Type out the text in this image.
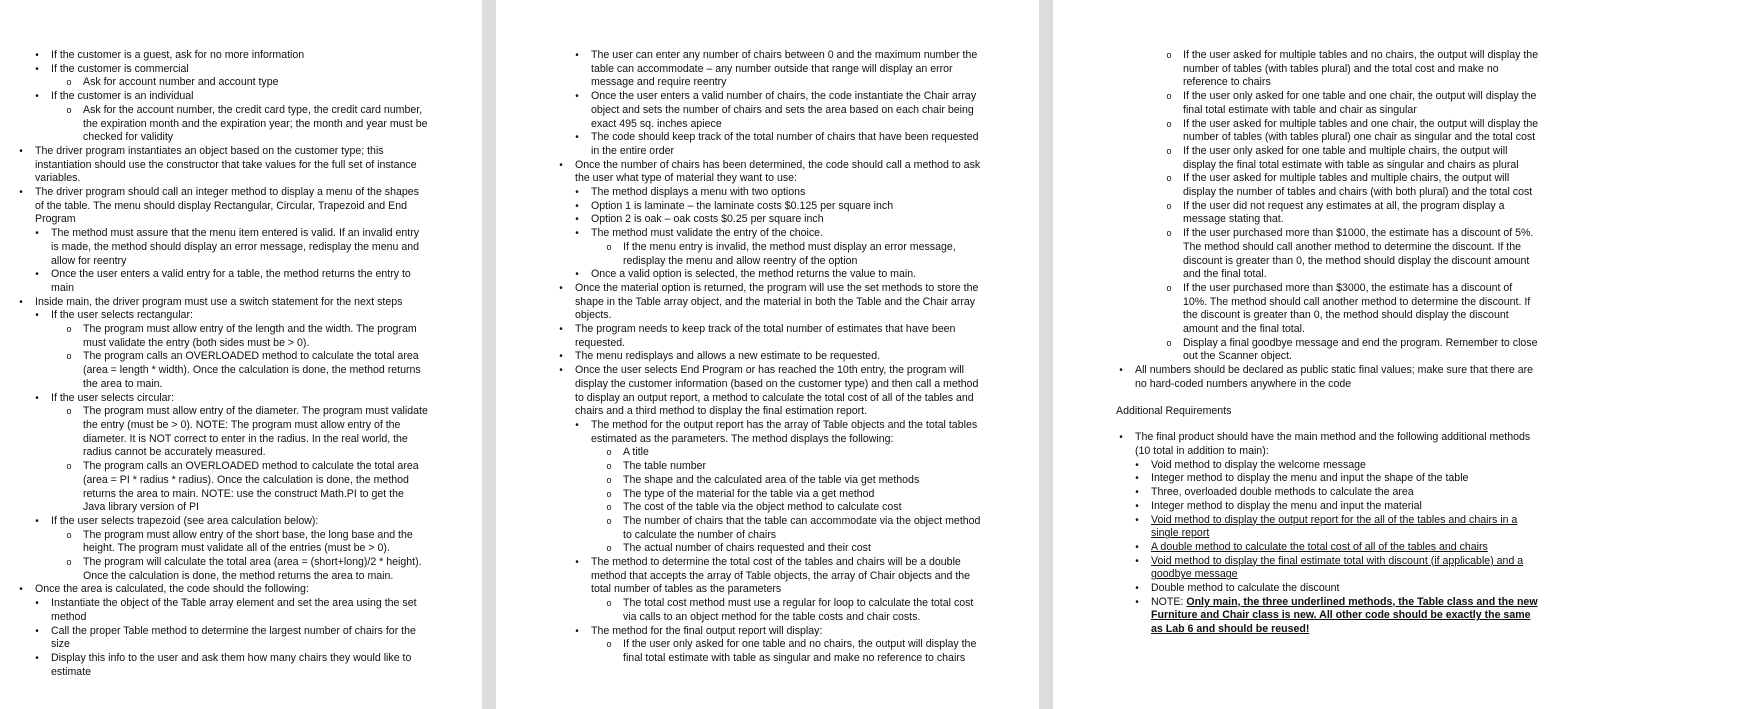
• If the customer is a guest, ask for no more information
• If the customer is commercial
o Ask for account number and account type
• If the customer is an individual
o Ask for the account number, the credit card type, the credit card number, the expiration month and the expiration year; the month and year must be checked for validity
• The driver program instantiates an object based on the customer type; this instantiation should use the constructor that take values for the full set of instance variables.
• The driver program should call an integer method to display a menu of the shapes of the table. The menu should display Rectangular, Circular, Trapezoid and End Program
• The method must assure that the menu item entered is valid. If an invalid entry is made, the method should display an error message, redisplay the menu and allow for reentry
• Once the user enters a valid entry for a table, the method returns the entry to main
• Inside main, the driver program must use a switch statement for the next steps
• If the user selects rectangular:
o The program must allow entry of the length and the width. The program must validate the entry (both sides must be > 0).
o The program calls an OVERLOADED method to calculate the total area (area = length * width). Once the calculation is done, the method returns the area to main.
• If the user selects circular:
o The program must allow entry of the diameter. The program must validate the entry (must be > 0). NOTE: The program must allow entry of the diameter. It is NOT correct to enter in the radius. In the real world, the radius cannot be accurately measured.
o The program calls an OVERLOADED method to calculate the total area (area = PI * radius * radius). Once the calculation is done, the method returns the area to main. NOTE: use the construct Math.PI to get the Java library version of PI
• If the user selects trapezoid (see area calculation below):
o The program must allow entry of the short base, the long base and the height. The program must validate all of the entries (must be > 0).
o The program will calculate the total area (area = (short+long)/2 * height). Once the calculation is done, the method returns the area to main.
• Once the area is calculated, the code should the following:
• Instantiate the object of the Table array element and set the area using the set method
• Call the proper Table method to determine the largest number of chairs for the size
• Display this info to the user and ask them how many chairs they would like to estimate
• The user can enter any number of chairs between 0 and the maximum number the table can accommodate – any number outside that range will display an error message and require reentry
• Once the user enters a valid number of chairs, the code instantiate the Chair array object and sets the number of chairs and sets the area based on each chair being exact 495 sq. inches apiece
• The code should keep track of the total number of chairs that have been requested in the entire order
• Once the number of chairs has been determined, the code should call a method to ask the user what type of material they want to use:
• The method displays a menu with two options
• Option 1 is laminate – the laminate costs $0.125 per square inch
• Option 2 is oak – oak costs $0.25 per square inch
• The method must validate the entry of the choice.
o If the menu entry is invalid, the method must display an error message, redisplay the menu and allow reentry of the option
• Once a valid option is selected, the method returns the value to main.
• Once the material option is returned, the program will use the set methods to store the shape in the Table array object, and the material in both the Table and the Chair array objects.
• The program needs to keep track of the total number of estimates that have been requested.
• The menu redisplays and allows a new estimate to be requested.
• Once the user selects End Program or has reached the 10th entry, the program will display the customer information (based on the customer type) and then call a method to display an output report, a method to calculate the total cost of all of the tables and chairs and a third method to display the final estimation report.
• The method for the output report has the array of Table objects and the total tables estimated as the parameters. The method displays the following:
o A title
o The table number
o The shape and the calculated area of the table via get methods
o The type of the material for the table via a get method
o The cost of the table via the object method to calculate cost
o The number of chairs that the table can accommodate via the object method to calculate the number of chairs
o The actual number of chairs requested and their cost
• The method to determine the total cost of the tables and chairs will be a double method that accepts the array of Table objects, the array of Chair objects and the total number of tables as the parameters
o The total cost method must use a regular for loop to calculate the total cost via calls to an object method for the table costs and chair costs.
• The method for the final output report will display:
o If the user only asked for one table and no chairs, the output will display the final total estimate with table as singular and make no reference to chairs
o If the user asked for multiple tables and no chairs, the output will display the number of tables (with tables plural) and the total cost and make no reference to chairs
o If the user only asked for one table and one chair, the output will display the final total estimate with table and chair as singular
o If the user asked for multiple tables and one chair, the output will display the number of tables (with tables plural) one chair as singular and the total cost
o If the user only asked for one table and multiple chairs, the output will display the final total estimate with table as singular and chairs as plural
o If the user asked for multiple tables and multiple chairs, the output will display the number of tables and chairs (with both plural) and the total cost
o If the user did not request any estimates at all, the program display a message stating that.
o If the user purchased more than $1000, the estimate has a discount of 5%. The method should call another method to determine the discount. If the discount is greater than 0, the method should display the discount amount and the final total.
o If the user purchased more than $3000, the estimate has a discount of 10%. The method should call another method to determine the discount. If the discount is greater than 0, the method should display the discount amount and the final total.
o Display a final goodbye message and end the program. Remember to close out the Scanner object.
• All numbers should be declared as public static final values; make sure that there are no hard-coded numbers anywhere in the code
Additional Requirements
• The final product should have the main method and the following additional methods (10 total in addition to main):
• Void method to display the welcome message
• Integer method to display the menu and input the shape of the table
• Three, overloaded double methods to calculate the area
• Integer method to display the menu and input the material
• Void method to display the output report for the all of the tables and chairs in a single report
• A double method to calculate the total cost of all of the tables and chairs
• Void method to display the final estimate total with discount (if applicable) and a goodbye message
• Double method to calculate the discount
• NOTE: Only main, the three underlined methods, the Table class and the new Furniture and Chair class is new. All other code should be exactly the same as Lab 6 and should be reused!
